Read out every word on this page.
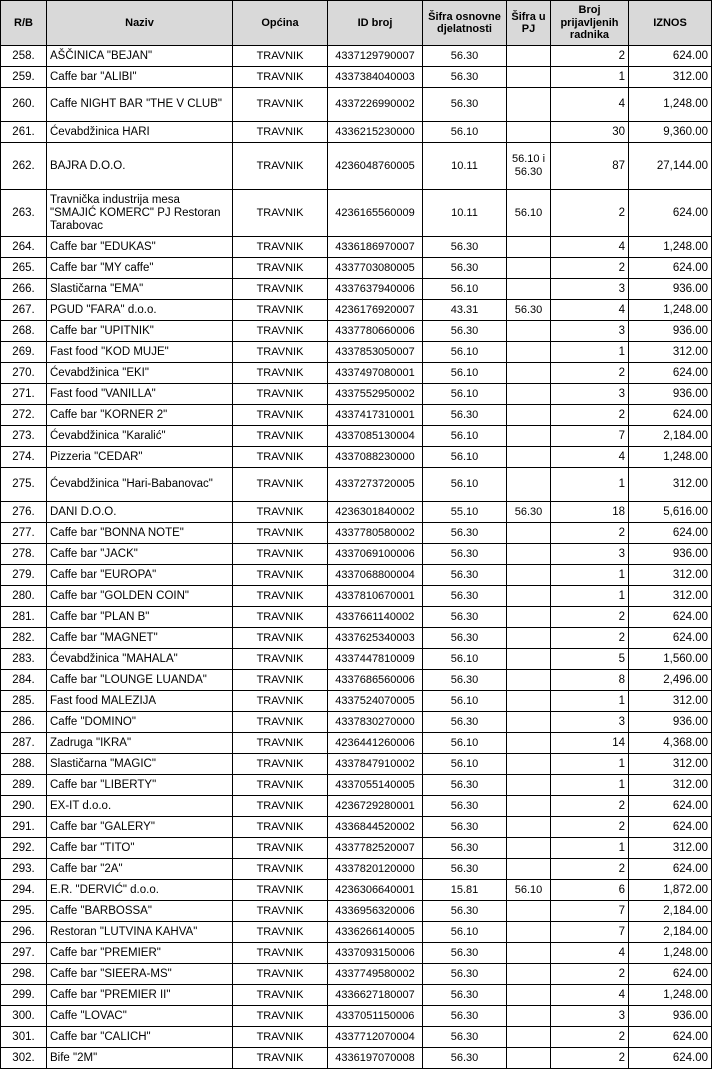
R/B	Naziv	Općina	ID broj	Šifra osnovne djelatnosti	Šifra u PJ	Broj prijavljenih radnika	IZNOS
258.	AŠČINICA "BEJAN"	TRAVNIK	4337129790007	56.30		2	624.00
259.	Caffe bar "ALIBI"	TRAVNIK	4337384040003	56.30		1	312.00
260.	Caffe NIGHT BAR "THE V CLUB"	TRAVNIK	4337226990002	56.30		4	1,248.00
261.	Ćevabdžinica HARI	TRAVNIK	4336215230000	56.10		30	9,360.00
262.	BAJRA D.O.O.	TRAVNIK	4236048760005	10.11	56.10 i 56.30	87	27,144.00
263.	Travnička industrija mesa "SMAJIĆ KOMERC" PJ Restoran Tarabovac	TRAVNIK	4236165560009	10.11	56.10	2	624.00
264.	Caffe bar "EDUKAS"	TRAVNIK	4336186970007	56.30		4	1,248.00
265.	Caffe bar "MY caffe"	TRAVNIK	4337703080005	56.30		2	624.00
266.	Slastičarna "EMA"	TRAVNIK	4337637940006	56.10		3	936.00
267.	PGUD "FARA" d.o.o.	TRAVNIK	4236176920007	43.31	56.30	4	1,248.00
268.	Caffe bar "UPITNIK"	TRAVNIK	4337780660006	56.30		3	936.00
269.	Fast food "KOD MUJE"	TRAVNIK	4337853050007	56.10		1	312.00
270.	Ćevabdžinica "EKI"	TRAVNIK	4337497080001	56.10		2	624.00
271.	Fast food "VANILLA"	TRAVNIK	4337552950002	56.10		3	936.00
272.	Caffe bar "KORNER 2"	TRAVNIK	4337417310001	56.30		2	624.00
273.	Ćevabdžinica "Karalić"	TRAVNIK	4337085130004	56.10		7	2,184.00
274.	Pizzeria "CEDAR"	TRAVNIK	4337088230000	56.10		4	1,248.00
275.	Ćevabdžinica "Hari-Babanovac"	TRAVNIK	4337273720005	56.10		1	312.00
276.	DANI D.O.O.	TRAVNIK	4236301840002	55.10	56.30	18	5,616.00
277.	Caffe bar "BONNA NOTE"	TRAVNIK	4337780580002	56.30		2	624.00
278.	Caffe bar "JACK"	TRAVNIK	4337069100006	56.30		3	936.00
279.	Caffe bar "EUROPA"	TRAVNIK	4337068800004	56.30		1	312.00
280.	Caffe bar "GOLDEN COIN"	TRAVNIK	4337810670001	56.30		1	312.00
281.	Caffe bar "PLAN B"	TRAVNIK	4337661140002	56.30		2	624.00
282.	Caffe bar "MAGNET"	TRAVNIK	4337625340003	56.30		2	624.00
283.	Ćevabdžinica "MAHALA"	TRAVNIK	4337447810009	56.10		5	1,560.00
284.	Caffe bar "LOUNGE LUANDA"	TRAVNIK	4337686560006	56.30		8	2,496.00
285.	Fast food MALEZIJA	TRAVNIK	4337524070005	56.10		1	312.00
286.	Caffe "DOMINO"	TRAVNIK	4337830270000	56.30		3	936.00
287.	Zadruga "IKRA"	TRAVNIK	4236441260006	56.10		14	4,368.00
288.	Slastičarna "MAGIC"	TRAVNIK	4337847910002	56.10		1	312.00
289.	Caffe bar "LIBERTY"	TRAVNIK	4337055140005	56.30		1	312.00
290.	EX-IT d.o.o.	TRAVNIK	4236729280001	56.30		2	624.00
291.	Caffe bar "GALERY"	TRAVNIK	4336844520002	56.30		2	624.00
292.	Caffe bar "TITO"	TRAVNIK	4337782520007	56.30		1	312.00
293.	Caffe bar "2A"	TRAVNIK	4337820120000	56.30		2	624.00
294.	E.R. "DERVIĆ" d.o.o.	TRAVNIK	4236306640001	15.81	56.10	6	1,872.00
295.	Caffe "BARBOSSA"	TRAVNIK	4336956320006	56.30		7	2,184.00
296.	Restoran "LUTVINA KAHVA"	TRAVNIK	4336266140005	56.10		7	2,184.00
297.	Caffe bar "PREMIER"	TRAVNIK	4337093150006	56.30		4	1,248.00
298.	Caffe bar "SIEERA-MS"	TRAVNIK	4337749580002	56.30		2	624.00
299.	Caffe bar "PREMIER II"	TRAVNIK	4336627180007	56.30		4	1,248.00
300.	Caffe "LOVAC"	TRAVNIK	4337051150006	56.30		3	936.00
301.	Caffe bar "CALICH"	TRAVNIK	4337712070004	56.30		2	624.00
302.	Bife "2M"	TRAVNIK	4336197070008	56.30		2	624.00
